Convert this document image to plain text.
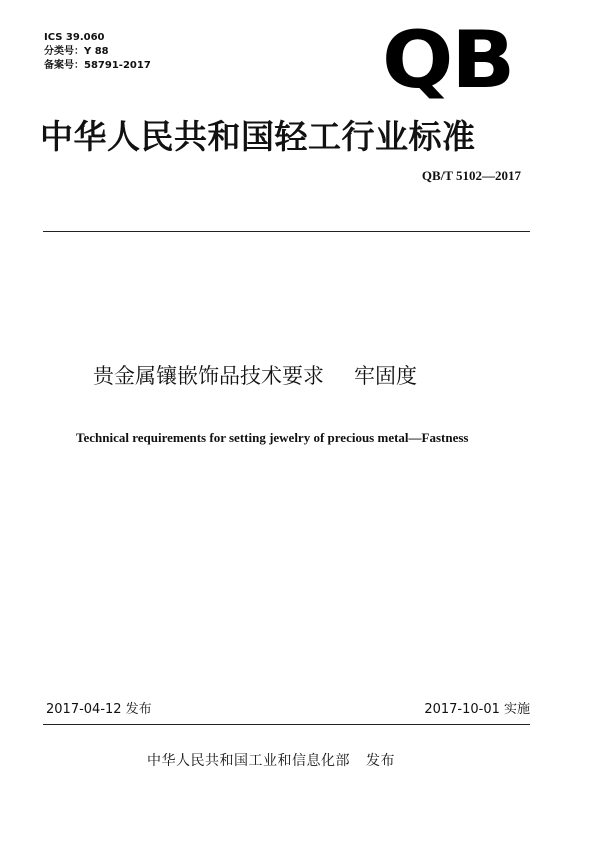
ICS 39.060
分类号：Y 88
备案号：58791-2017	QB
中华人民共和国轻工行业标准
QB/T 5102—2017
贵金属镶嵌饰品技术要求 牢固度
Technical requirements for setting jewelry of precious metal—Fastness
2017-04-12 发布	2017-10-01 实施
中华人民共和国工业和信息化部 发布
